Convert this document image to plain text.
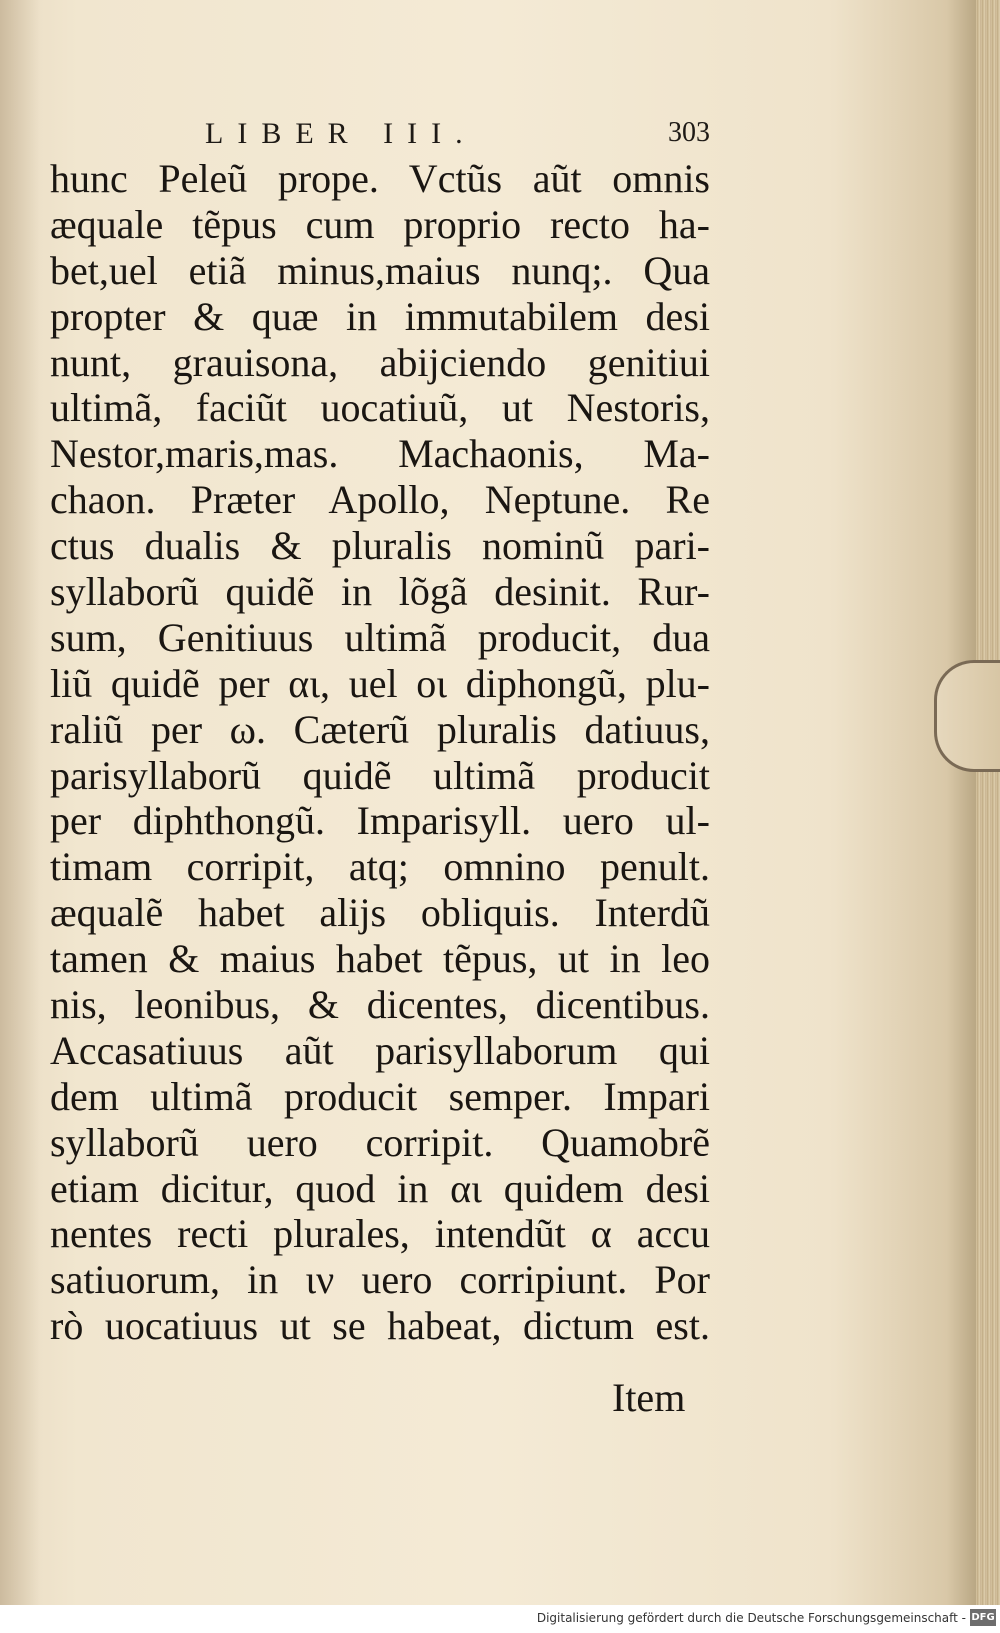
LIBER III.	303
hunc Peleũ prope. Vctũs aũt omnis
æquale tẽpus cum proprio recto ha-
bet,uel etiã minus,maius nunq;. Qua
propter & quæ in immutabilem desi
nunt, grauisona, abijciendo genitiui
ultimã, faciũt uocatiuũ, ut Nestoris,
Nestor,maris,mas. Machaonis, Ma-
chaon. Præter Apollo, Neptune. Re
ctus dualis & pluralis nominũ pari-
syllaborũ quidẽ in lõgã desinit. Rur-
sum, Genitiuus ultimã producit, dua
liũ quidẽ per αι, uel οι diphongũ, plu-
raliũ per ω. Cæterũ pluralis datiuus,
parisyllaborũ quidẽ ultimã producit
per diphthongũ. Imparisyll. uero ul-
timam corripit, atq; omnino penult.
æqualẽ habet alijs obliquis. Interdũ
tamen & maius habet tẽpus, ut in leo
nis, leonibus, & dicentes, dicentibus.
Accasatiuus aũt parisyllaborum qui
dem ultimã producit semper. Impari
syllaborũ uero corripit. Quamobrẽ
etiam dicitur, quod in αι quidem desi
nentes recti plurales, intendũt α accu
satiuorum, in ιν uero corripiunt. Por
rò uocatiuus ut se habeat, dictum est.
Item
Digitalisierung gefördert durch die Deutsche Forschungsgemeinschaft - DFG
